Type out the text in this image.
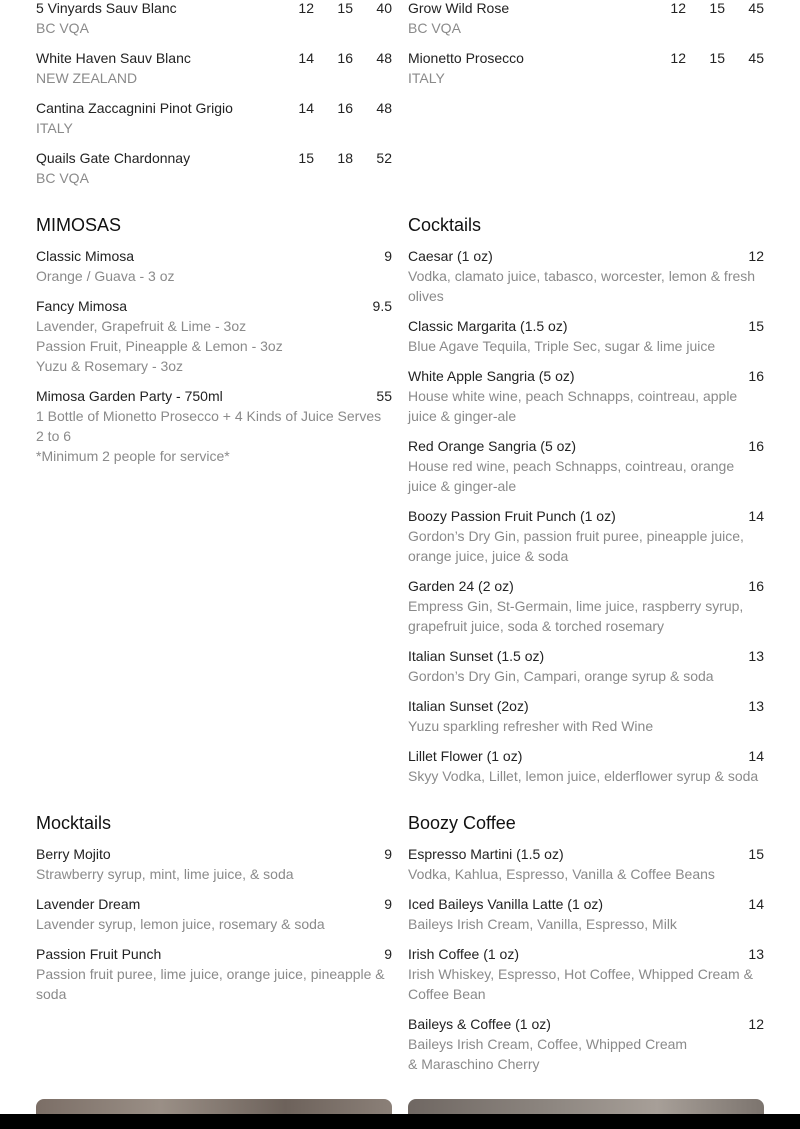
5 Vinyards Sauv Blanc	12	15	40
BC VQA
White Haven Sauv Blanc	14	16	48
NEW ZEALAND
Cantina Zaccagnini Pinot Grigio	14	16	48
ITALY
Quails Gate Chardonnay	15	18	52
BC VQA
Grow Wild Rose	12	15	45
BC VQA
Mionetto Prosecco	12	15	45
ITALY
MIMOSAS
Classic Mimosa	9
Orange / Guava - 3 oz
Fancy Mimosa	9.5
Lavender, Grapefruit & Lime - 3oz
Passion Fruit, Pineapple & Lemon - 3oz
Yuzu & Rosemary - 3oz
Mimosa Garden Party - 750ml	55
1 Bottle of Mionetto Prosecco + 4 Kinds of Juice Serves 2 to 6
*Minimum 2 people for service*
Cocktails
Caesar (1 oz)	12
Vodka, clamato juice, tabasco, worcester, lemon & fresh olives
Classic Margarita (1.5 oz)	15
Blue Agave Tequila, Triple Sec, sugar & lime juice
White Apple Sangria (5 oz)	16
House white wine, peach Schnapps, cointreau, apple juice & ginger-ale
Red Orange Sangria (5 oz)	16
House red wine, peach Schnapps, cointreau, orange juice & ginger-ale
Boozy Passion Fruit Punch (1 oz)	14
Gordon’s Dry Gin, passion fruit puree, pineapple juice, orange juice, juice & soda
Garden 24 (2 oz)	16
Empress Gin, St-Germain, lime juice, raspberry syrup, grapefruit juice, soda & torched rosemary
Italian Sunset (1.5 oz)	13
Gordon’s Dry Gin, Campari, orange syrup & soda
Italian Sunset (2oz)	13
Yuzu sparkling refresher with Red Wine
Lillet Flower (1 oz)	14
Skyy Vodka, Lillet, lemon juice, elderflower syrup & soda
Mocktails
Berry Mojito	9
Strawberry syrup, mint, lime juice, & soda
Lavender Dream	9
Lavender syrup, lemon juice, rosemary & soda
Passion Fruit Punch	9
Passion fruit puree, lime juice, orange juice, pineapple & soda
Boozy Coffee
Espresso Martini (1.5 oz)	15
Vodka, Kahlua, Espresso, Vanilla & Coffee Beans
Iced Baileys Vanilla Latte (1 oz)	14
Baileys Irish Cream, Vanilla, Espresso, Milk
Irish Coffee (1 oz)	13
Irish Whiskey, Espresso, Hot Coffee, Whipped Cream & Coffee Bean
Baileys & Coffee (1 oz)	12
Baileys Irish Cream, Coffee, Whipped Cream & Maraschino Cherry
